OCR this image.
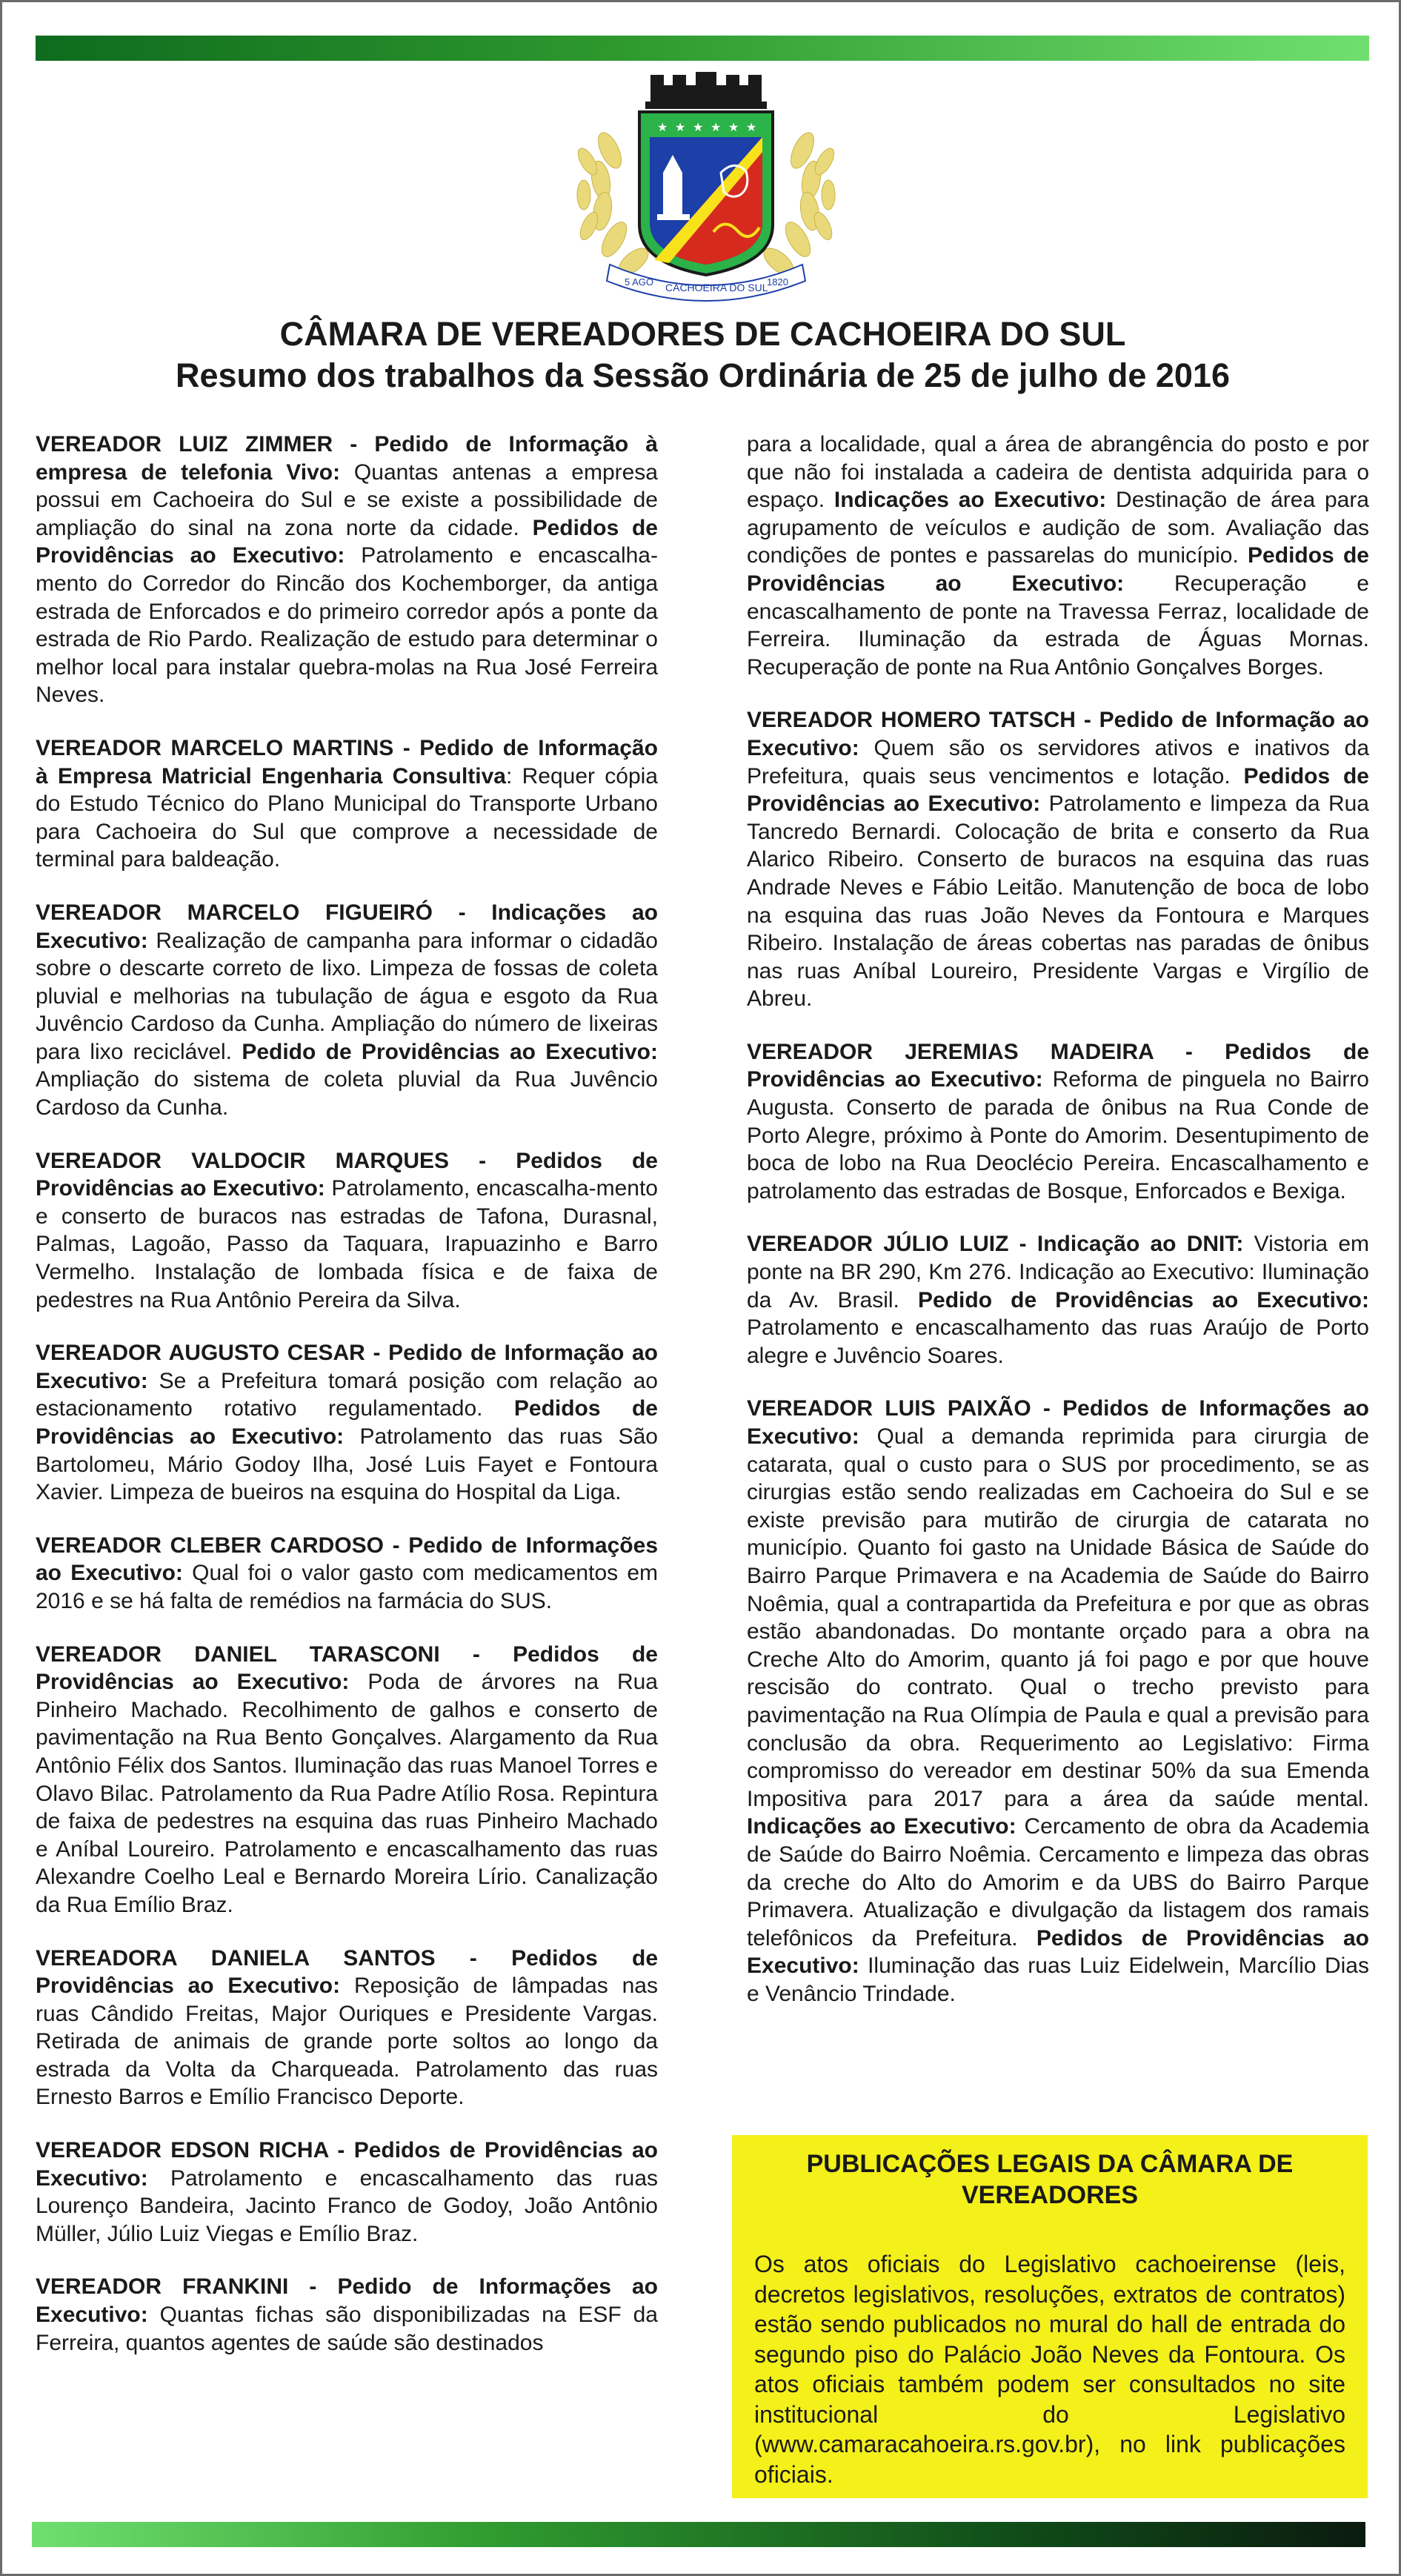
★ ★ ★ ★ ★ ★
5 AGO CACHOEIRA DO SUL
1820
CÂMARA DE VEREADORES DE CACHOEIRA DO SUL
Resumo dos trabalhos da Sessão Ordinária de 25 de julho de 2016

VEREADOR LUIZ ZIMMER - Pedido de Informação à empresa de telefonia Vivo: Quantas antenas a empresa possui em Cachoeira do Sul e se existe a possibilidade de ampliação do sinal na zona norte da cidade. Pedidos de Providências ao Executivo: Patrolamento e encascalha-mento do Corredor do Rincão dos Kochemborger, da antiga estrada de Enforcados e do primeiro corredor após a ponte da estrada de Rio Pardo. Realização de estudo para determinar o melhor local para instalar quebra-molas na Rua José Ferreira Neves.

VEREADOR MARCELO MARTINS - Pedido de Informação à Empresa Matricial Engenharia Consultiva: Requer cópia do Estudo Técnico do Plano Municipal do Transporte Urbano para Cachoeira do Sul que comprove a necessidade de terminal para baldeação.

VEREADOR MARCELO FIGUEIRÓ - Indicações ao Executivo: Realização de campanha para informar o cidadão sobre o descarte correto de lixo. Limpeza de fossas de coleta pluvial e melhorias na tubulação de água e esgoto da Rua Juvêncio Cardoso da Cunha. Ampliação do número de lixeiras para lixo reciclável. Pedido de Providências ao Executivo: Ampliação do sistema de coleta pluvial da Rua Juvêncio Cardoso da Cunha.

VEREADOR VALDOCIR MARQUES - Pedidos de Providências ao Executivo: Patrolamento, encascalha-mento e conserto de buracos nas estradas de Tafona, Durasnal, Palmas, Lagoão, Passo da Taquara, Irapuazinho e Barro Vermelho. Instalação de lombada física e de faixa de pedestres na Rua Antônio Pereira da Silva.

VEREADOR AUGUSTO CESAR - Pedido de Informação ao Executivo: Se a Prefeitura tomará posição com relação ao estacionamento rotativo regulamentado. Pedidos de Providências ao Executivo: Patrolamento das ruas São Bartolomeu, Mário Godoy Ilha, José Luis Fayet e Fontoura Xavier. Limpeza de bueiros na esquina do Hospital da Liga.

VEREADOR CLEBER CARDOSO - Pedido de Informações ao Executivo: Qual foi o valor gasto com medicamentos em 2016 e se há falta de remédios na farmácia do SUS.

VEREADOR DANIEL TARASCONI - Pedidos de Providências ao Executivo: Poda de árvores na Rua Pinheiro Machado. Recolhimento de galhos e conserto de pavimentação na Rua Bento Gonçalves. Alargamento da Rua Antônio Félix dos Santos. Iluminação das ruas Manoel Torres e Olavo Bilac. Patrolamento da Rua Padre Atílio Rosa. Repintura de faixa de pedestres na esquina das ruas Pinheiro Machado e Aníbal Loureiro. Patrolamento e encascalhamento das ruas Alexandre Coelho Leal e Bernardo Moreira Lírio. Canalização da Rua Emílio Braz.

VEREADORA DANIELA SANTOS - Pedidos de Providências ao Executivo: Reposição de lâmpadas nas ruas Cândido Freitas, Major Ouriques e Presidente Vargas. Retirada de animais de grande porte soltos ao longo da estrada da Volta da Charqueada. Patrolamento das ruas Ernesto Barros e Emílio Francisco Deporte.

VEREADOR EDSON RICHA - Pedidos de Providências ao Executivo: Patrolamento e encascalhamento das ruas Lourenço Bandeira, Jacinto Franco de Godoy, João Antônio Müller, Júlio Luiz Viegas e Emílio Braz.

VEREADOR FRANKINI - Pedido de Informações ao Executivo: Quantas fichas são disponibilizadas na ESF da Ferreira, quantos agentes de saúde são destinados

para a localidade, qual a área de abrangência do posto e por que não foi instalada a cadeira de dentista adquirida para o espaço. Indicações ao Executivo: Destinação de área para agrupamento de veículos e audição de som. Avaliação das condições de pontes e passarelas do município. Pedidos de Providências ao Executivo: Recuperação e encascalhamento de ponte na Travessa Ferraz, localidade de Ferreira. Iluminação da estrada de Águas Mornas. Recuperação de ponte na Rua Antônio Gonçalves Borges.

VEREADOR HOMERO TATSCH - Pedido de Informação ao Executivo: Quem são os servidores ativos e inativos da Prefeitura, quais seus vencimentos e lotação. Pedidos de Providências ao Executivo: Patrolamento e limpeza da Rua Tancredo Bernardi. Colocação de brita e conserto da Rua Alarico Ribeiro. Conserto de buracos na esquina das ruas Andrade Neves e Fábio Leitão. Manutenção de boca de lobo na esquina das ruas João Neves da Fontoura e Marques Ribeiro. Instalação de áreas cobertas nas paradas de ônibus nas ruas Aníbal Loureiro, Presidente Vargas e Virgílio de Abreu.

VEREADOR JEREMIAS MADEIRA - Pedidos de Providências ao Executivo: Reforma de pinguela no Bairro Augusta. Conserto de parada de ônibus na Rua Conde de Porto Alegre, próximo à Ponte do Amorim. Desentupimento de boca de lobo na Rua Deoclécio Pereira. Encascalhamento e patrolamento das estradas de Bosque, Enforcados e Bexiga.

VEREADOR JÚLIO LUIZ - Indicação ao DNIT: Vistoria em ponte na BR 290, Km 276. Indicação ao Executivo: Iluminação da Av. Brasil. Pedido de Providências ao Executivo: Patrolamento e encascalhamento das ruas Araújo de Porto alegre e Juvêncio Soares.

VEREADOR LUIS PAIXÃO - Pedidos de Informações ao Executivo: Qual a demanda reprimida para cirurgia de catarata, qual o custo para o SUS por procedimento, se as cirurgias estão sendo realizadas em Cachoeira do Sul e se existe previsão para mutirão de cirurgia de catarata no município. Quanto foi gasto na Unidade Básica de Saúde do Bairro Parque Primavera e na Academia de Saúde do Bairro Noêmia, qual a contrapartida da Prefeitura e por que as obras estão abandonadas. Do montante orçado para a obra na Creche Alto do Amorim, quanto já foi pago e por que houve rescisão do contrato. Qual o trecho previsto para pavimentação na Rua Olímpia de Paula e qual a previsão para conclusão da obra. Requerimento ao Legislativo: Firma compromisso do vereador em destinar 50% da sua Emenda Impositiva para 2017 para a área da saúde mental. Indicações ao Executivo: Cercamento de obra da Academia de Saúde do Bairro Noêmia. Cercamento e limpeza das obras da creche do Alto do Amorim e da UBS do Bairro Parque Primavera. Atualização e divulgação da listagem dos ramais telefônicos da Prefeitura. Pedidos de Providências ao Executivo: Iluminação das ruas Luiz Eidelwein, Marcílio Dias e Venâncio Trindade.

PUBLICAÇÕES LEGAIS DA CÂMARA DE VEREADORES

Os atos oficiais do Legislativo cachoeirense (leis, decretos legislativos, resoluções, extratos de contratos) estão sendo publicados no mural do hall de entrada do segundo piso do Palácio João Neves da Fontoura. Os atos oficiais também podem ser consultados no site institucional do Legislativo (www.camaracahoeira.rs.gov.br), no link publicações oficiais.
